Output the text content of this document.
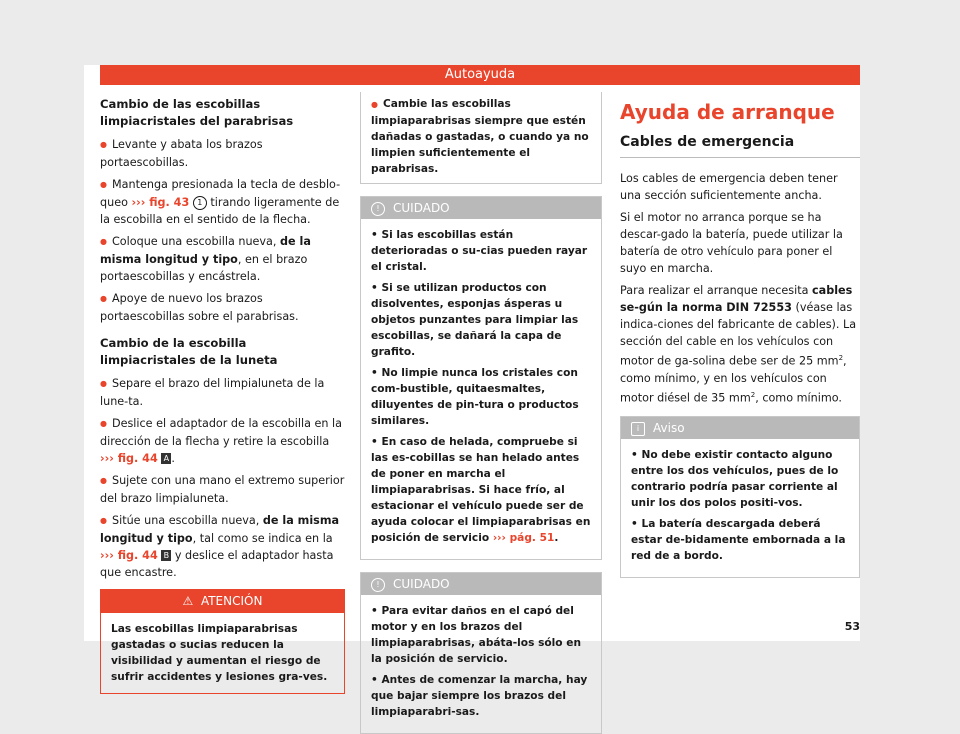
Autoayuda
Cambio de las escobillas limpiacristales del parabrisas

● Levante y abata los brazos portaescobillas.

● Mantenga presionada la tecla de desblo-queo ››› fig. 43 1 tirando ligeramente de la escobilla en el sentido de la flecha.

● Coloque una escobilla nueva, de la misma longitud y tipo, en el brazo portaescobillas y encástrela.

● Apoye de nuevo los brazos portaescobillas sobre el parabrisas.

Cambio de la escobilla limpiacristales de la luneta

● Separe el brazo del limpialuneta de la lune-ta.

● Deslice el adaptador de la escobilla en la dirección de la flecha y retire la escobilla ››› fig. 44 A .

● Sujete con una mano el extremo superior del brazo limpialuneta.

● Sitúe una escobilla nueva, de la misma longitud y tipo, tal como se indica en la ››› fig. 44 B y deslice el adaptador hasta que encastre.

⚠ ATENCIÓN
Las escobillas limpiaparabrisas gastadas o sucias reducen la visibilidad y aumentan el riesgo de sufrir accidentes y lesiones gra-ves.
● Cambie las escobillas limpiaparabrisas siempre que estén dañadas o gastadas, o cuando ya no limpien suficientemente el parabrisas.
! CUIDADO

• Si las escobillas están deterioradas o su-cias pueden rayar el cristal.

• Si se utilizan productos con disolventes, esponjas ásperas u objetos punzantes para limpiar las escobillas, se dañará la capa de grafito.

• No limpie nunca los cristales con com-bustible, quitaesmaltes, diluyentes de pin-tura o productos similares.

• En caso de helada, compruebe si las es-cobillas se han helado antes de poner en marcha el limpiaparabrisas. Si hace frío, al estacionar el vehículo puede ser de ayuda colocar el limpiaparabrisas en posición de servicio ››› pág. 51.

! CUIDADO

• Para evitar daños en el capó del motor y en los brazos del limpiaparabrisas, abáta-los sólo en la posición de servicio.

• Antes de comenzar la marcha, hay que bajar siempre los brazos del limpiaparabri-sas.

Ayuda de arranque
Cables de emergencia

Los cables de emergencia deben tener una sección suficientemente ancha.

Si el motor no arranca porque se ha descar-gado la batería, puede utilizar la batería de otro vehículo para poner el suyo en marcha.

Para realizar el arranque necesita cables se-gún la norma DIN 72553 (véase las indica-ciones del fabricante de cables). La sección del cable en los vehículos con motor de ga-solina debe ser de 25 $mm^2$, como mínimo, y en los vehículos con motor diésel de 35 $mm^2$, como mínimo.

i Aviso

• No debe existir contacto alguno entre los dos vehículos, pues de lo contrario podría pasar corriente al unir los dos polos positi-vos.

• La batería descargada deberá estar de-bidamente embornada a la red de a bordo.

53
